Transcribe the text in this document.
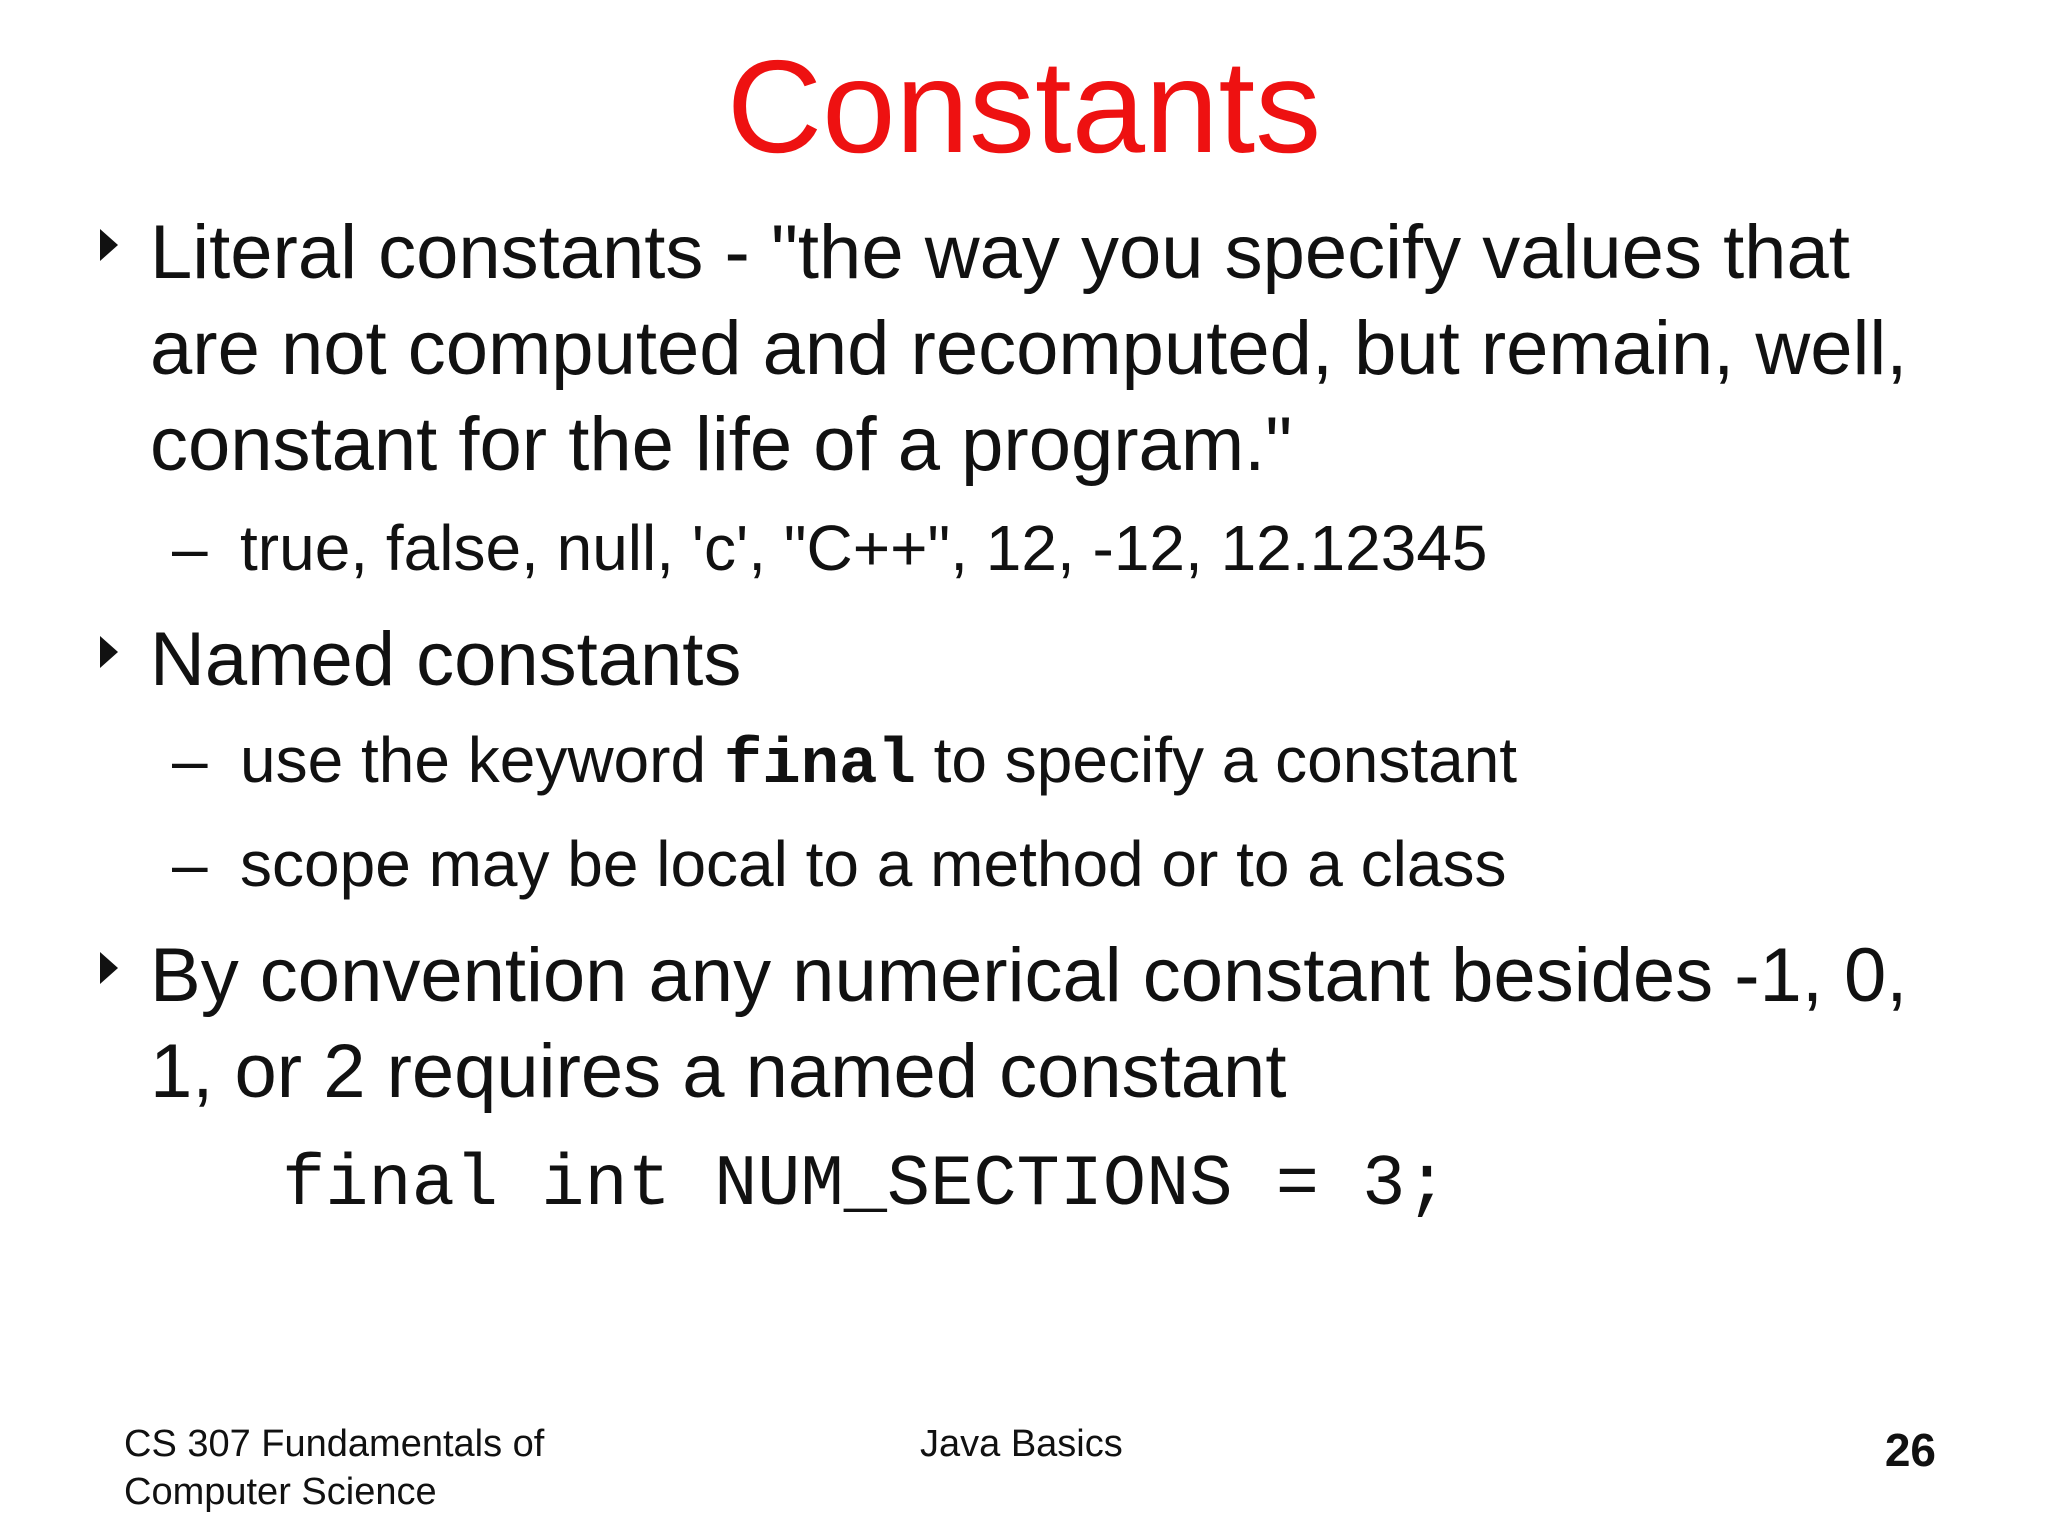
Constants
Literal constants - "the way you specify values that are not computed and recomputed, but remain, well, constant for the life of a program."
– true, false, null, 'c', "C++", 12, -12, 12.12345
Named constants
– use the keyword final to specify a constant
– scope may be local to a method or to a class
By convention any numerical constant besides -1, 0, 1, or 2 requires a named constant
final int NUM_SECTIONS = 3;
CS 307 Fundamentals of Computer Science
Java Basics	26
